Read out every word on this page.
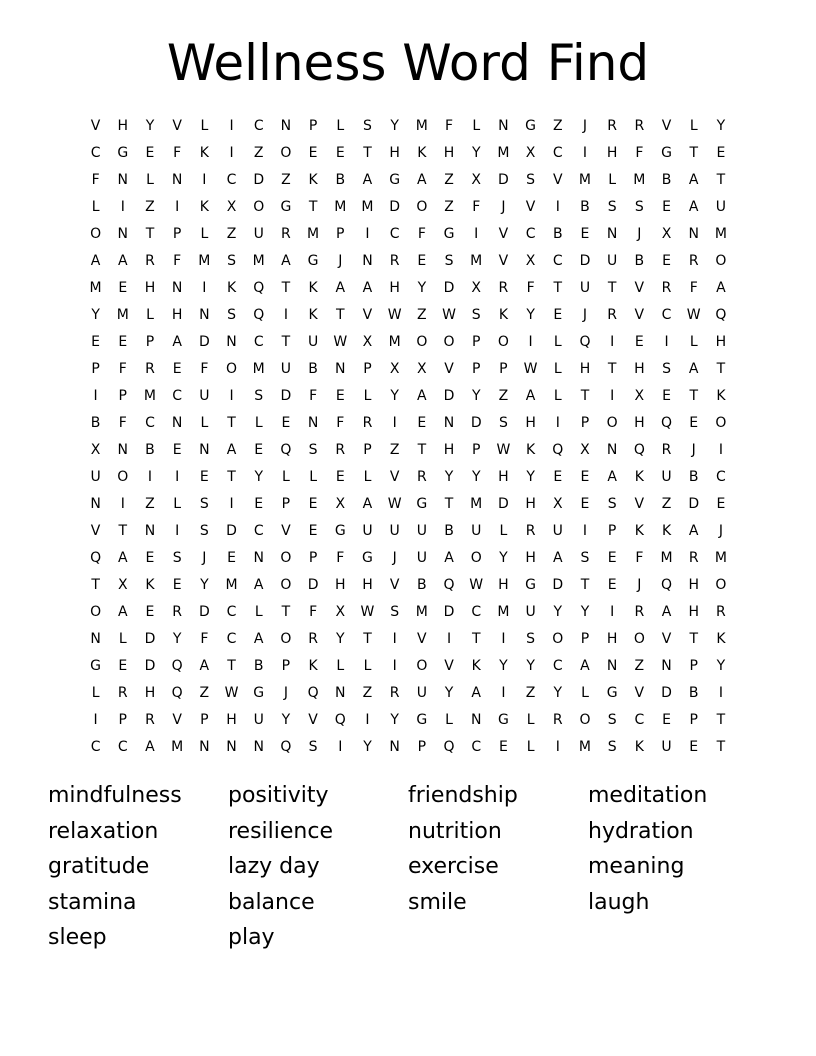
Wellness Word Find
V	H	Y	V	L	I	C	N	P	L	S	Y	M	F	L	N	G	Z	J	R	R	V	L	Y
C	G	E	F	K	I	Z	O	E	E	T	H	K	H	Y	M	X	C	I	H	F	G	T	E
F	N	L	N	I	C	D	Z	K	B	A	G	A	Z	X	D	S	V	M	L	M	B	A	T
L	I	Z	I	K	X	O	G	T	M	M	D	O	Z	F	J	V	I	B	S	S	E	A	U
O	N	T	P	L	Z	U	R	M	P	I	C	F	G	I	V	C	B	E	N	J	X	N	M
A	A	R	F	M	S	M	A	G	J	N	R	E	S	M	V	X	C	D	U	B	E	R	O
M	E	H	N	I	K	Q	T	K	A	A	H	Y	D	X	R	F	T	U	T	V	R	F	A
Y	M	L	H	N	S	Q	I	K	T	V	W	Z	W	S	K	Y	E	J	R	V	C	W	Q
E	E	P	A	D	N	C	T	U	W	X	M	O	O	P	O	I	L	Q	I	E	I	L	H
P	F	R	E	F	O	M	U	B	N	P	X	X	V	P	P	W	L	H	T	H	S	A	T
I	P	M	C	U	I	S	D	F	E	L	Y	A	D	Y	Z	A	L	T	I	X	E	T	K
B	F	C	N	L	T	L	E	N	F	R	I	E	N	D	S	H	I	P	O	H	Q	E	O
X	N	B	E	N	A	E	Q	S	R	P	Z	T	H	P	W	K	Q	X	N	Q	R	J	I
U	O	I	I	E	T	Y	L	L	E	L	V	R	Y	Y	H	Y	E	E	A	K	U	B	C
N	I	Z	L	S	I	E	P	E	X	A	W	G	T	M	D	H	X	E	S	V	Z	D	E
V	T	N	I	S	D	C	V	E	G	U	U	U	B	U	L	R	U	I	P	K	K	A	J
Q	A	E	S	J	E	N	O	P	F	G	J	U	A	O	Y	H	A	S	E	F	M	R	M
T	X	K	E	Y	M	A	O	D	H	H	V	B	Q	W	H	G	D	T	E	J	Q	H	O
O	A	E	R	D	C	L	T	F	X	W	S	M	D	C	M	U	Y	Y	I	R	A	H	R
N	L	D	Y	F	C	A	O	R	Y	T	I	V	I	T	I	S	O	P	H	O	V	T	K
G	E	D	Q	A	T	B	P	K	L	L	I	O	V	K	Y	Y	C	A	N	Z	N	P	Y
L	R	H	Q	Z	W	G	J	Q	N	Z	R	U	Y	A	I	Z	Y	L	G	V	D	B	I
I	P	R	V	P	H	U	Y	V	Q	I	Y	G	L	N	G	L	R	O	S	C	E	P	T
C	C	A	M	N	N	N	Q	S	I	Y	N	P	Q	C	E	L	I	M	S	K	U	E	T
mindfulness	positivity	friendship	meditation
relaxation	resilience	nutrition	hydration
gratitude	lazy day	exercise	meaning
stamina	balance	smile	laugh
sleep	play
